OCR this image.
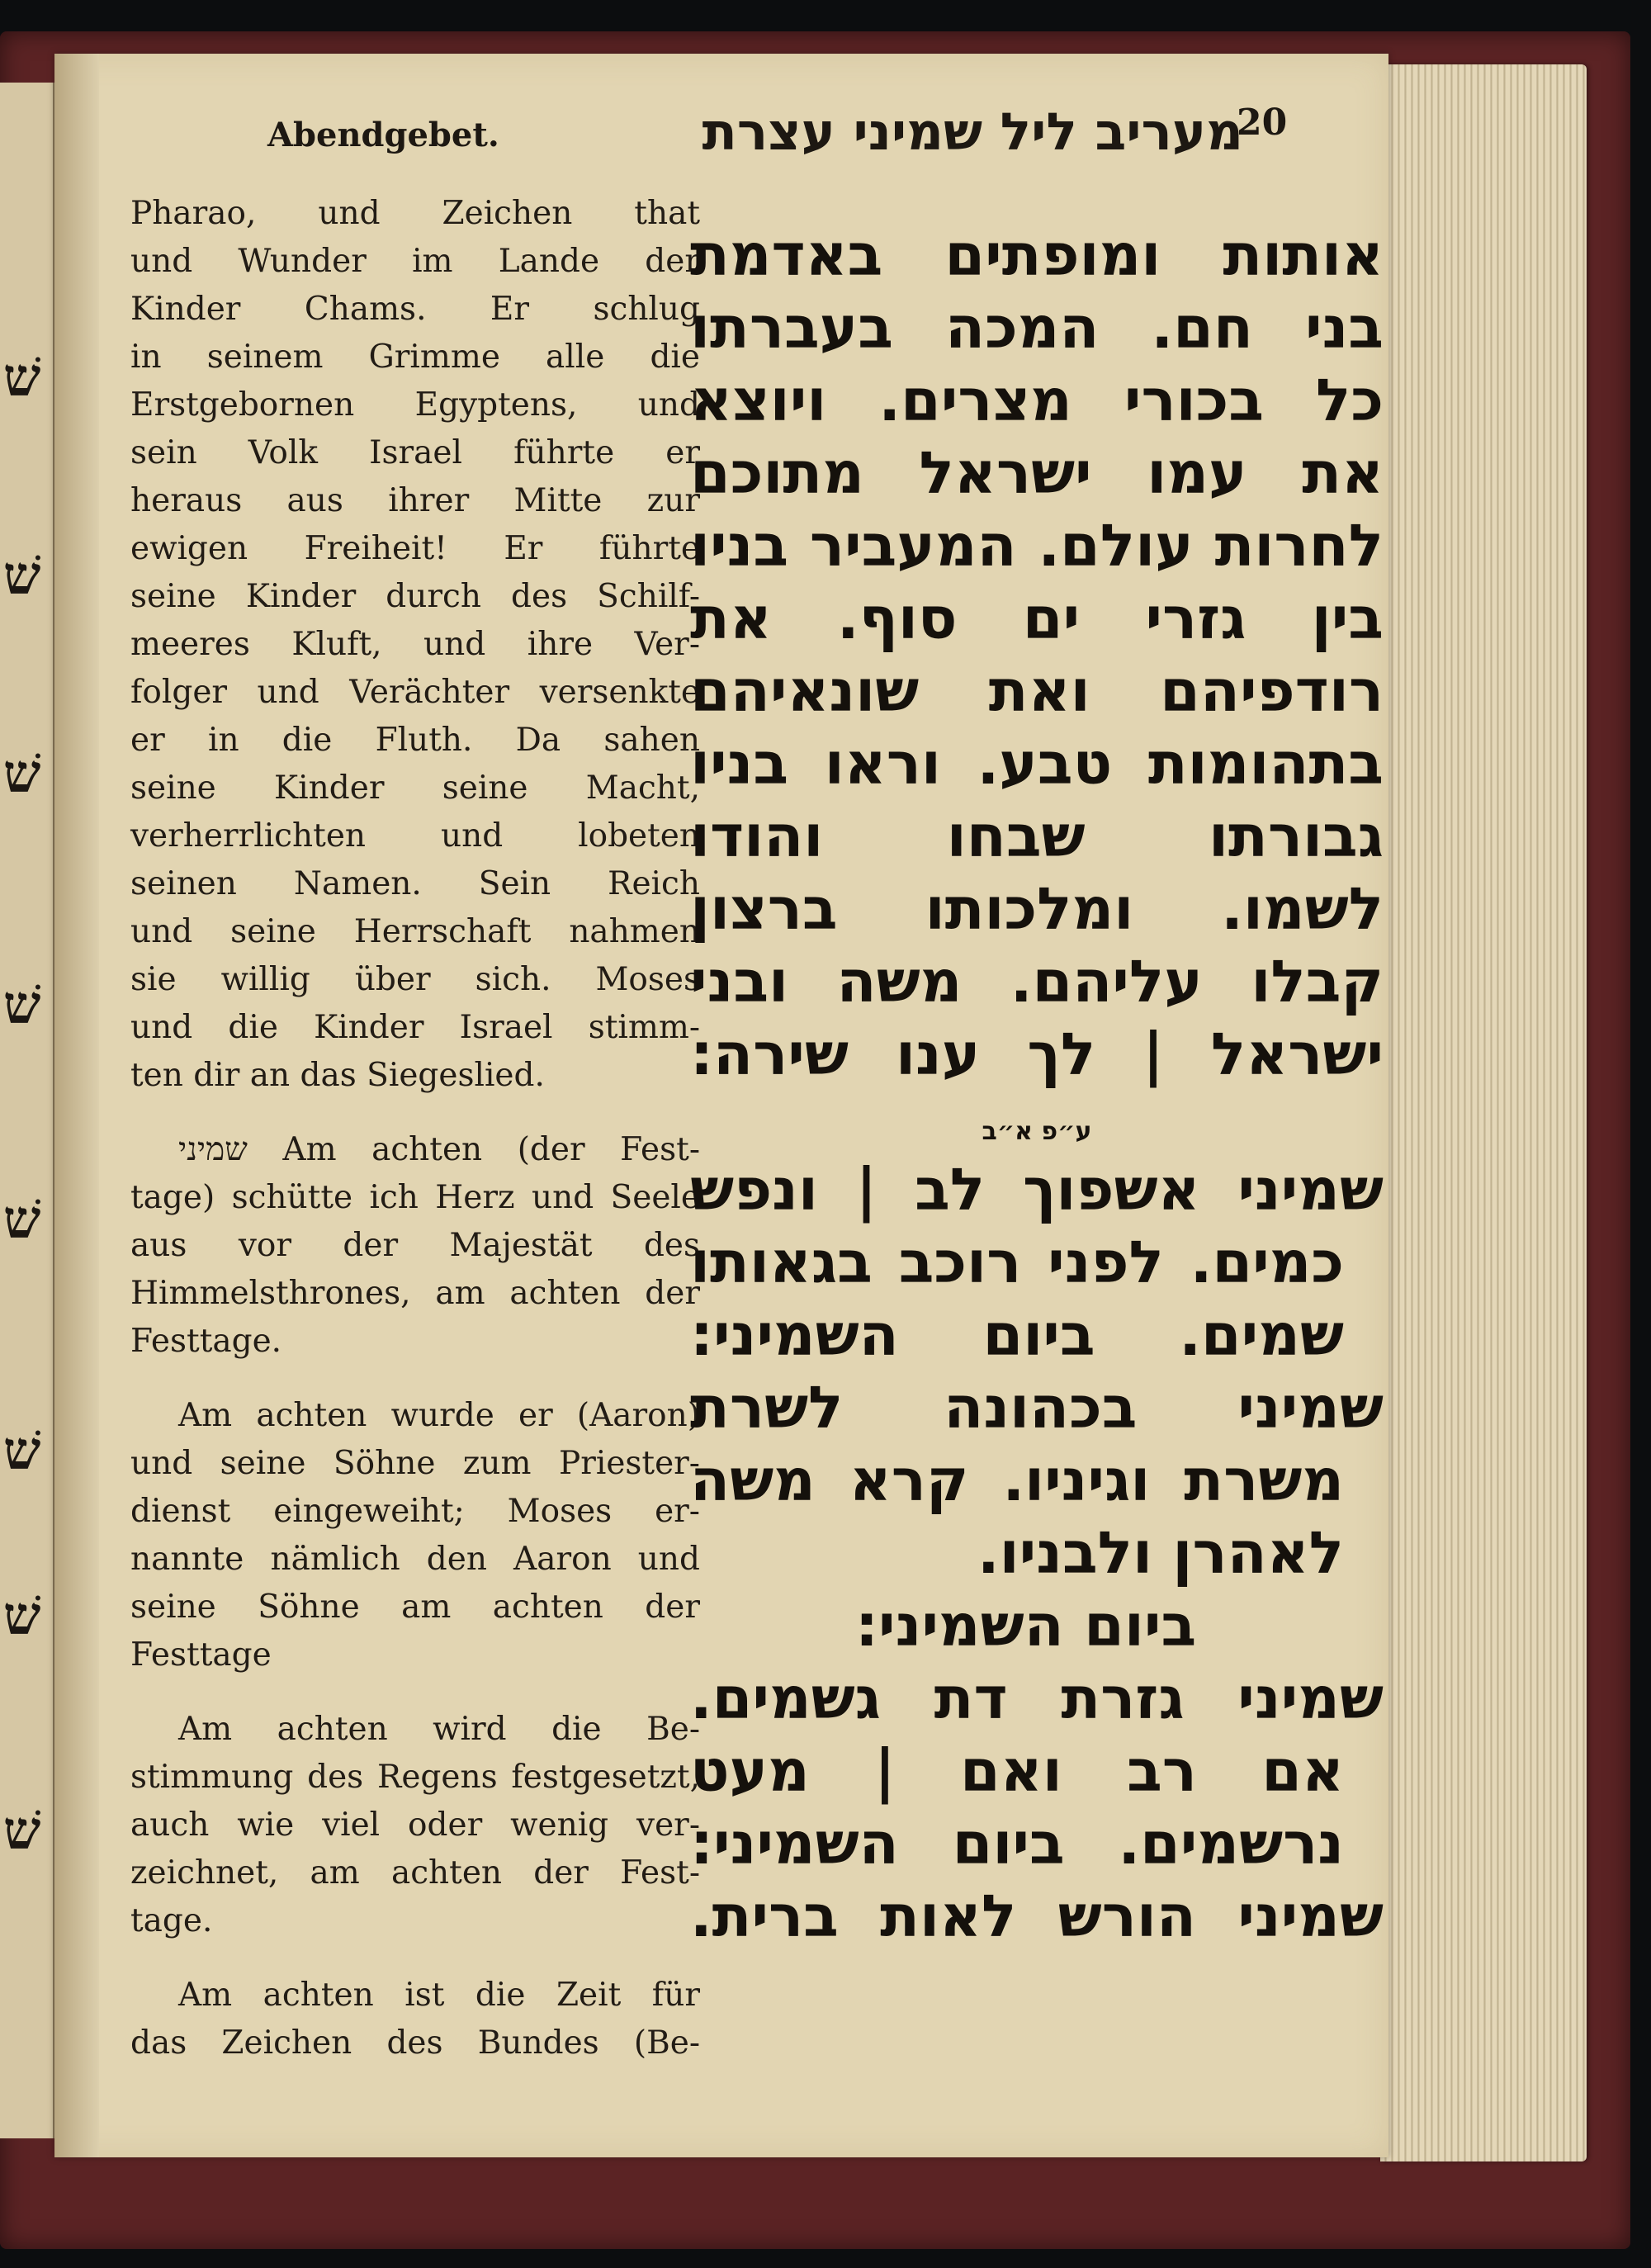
שׁ
שׁ
שׁ
שׁ
שׁ
שׁ
שׁ
שׁ
Abendgebet.	מעריב ליל שמיני עצרת
20

Pharao, und Zeichen that
und Wunder im Lande der
Kinder Chams. Er schlug
in seinem Grimme alle die
Erstgebornen Egyptens, und
sein Volk Israel führte er
heraus aus ihrer Mitte zur
ewigen Freiheit! Er führte
seine Kinder durch des Schilf-
meeres Kluft, und ihre Ver-
folger und Verächter versenkte
er in die Fluth. Da sahen
seine Kinder seine Macht,
verherrlichten und lobeten
seinen Namen. Sein Reich
und seine Herrschaft nahmen
sie willig über sich. Moses
und die Kinder Israel stimm-
ten dir an das Siegeslied.

שמיני Am achten (der Fest-
tage) schütte ich Herz und Seele
aus vor der Majestät des
Himmelsthrones, am achten der
Festtage.

Am achten wurde er (Aaron)
und seine Söhne zum Priester-
dienst eingeweiht; Moses er-
nannte nämlich den Aaron und
seine Söhne am achten der
Festtage

Am achten wird die Be-
stimmung des Regens festgesetzt,
auch wie viel oder wenig ver-
zeichnet, am achten der Fest-
tage.

Am achten ist die Zeit für
das Zeichen des Bundes (Be-

אותות ומופתים באדמת
בני חם. המכה בעברתו
כל בכורי מצרים. ויוצא
את עמו ישראל מתוכם
לחרות עולם. המעביר בניו
בין גזרי ים סוף. את
רודפיהם ואת שונאיהם
בתהומות טבע. וראו בניו
גבורתו שבחו והודו
לשמו. ומלכותו ברצון
קבלו עליהם. משה ובני
ישראל | לך ענו שירה:
ע״פ א״ב
שמיני אשפוך לב | ונפש
כמים. לפני רוכב בגאותו
שמים. ביום השמיני:
שמיני בכהונה לשרת
משרת וגיניו. קרא משה
לאהרן ולבניו.
ביום השמיני:
שמיני גזרת דת גשמים.
אם רב ואם | מעט
נרשמים. ביום השמיני:
שמיני הורש לאות ברית.
